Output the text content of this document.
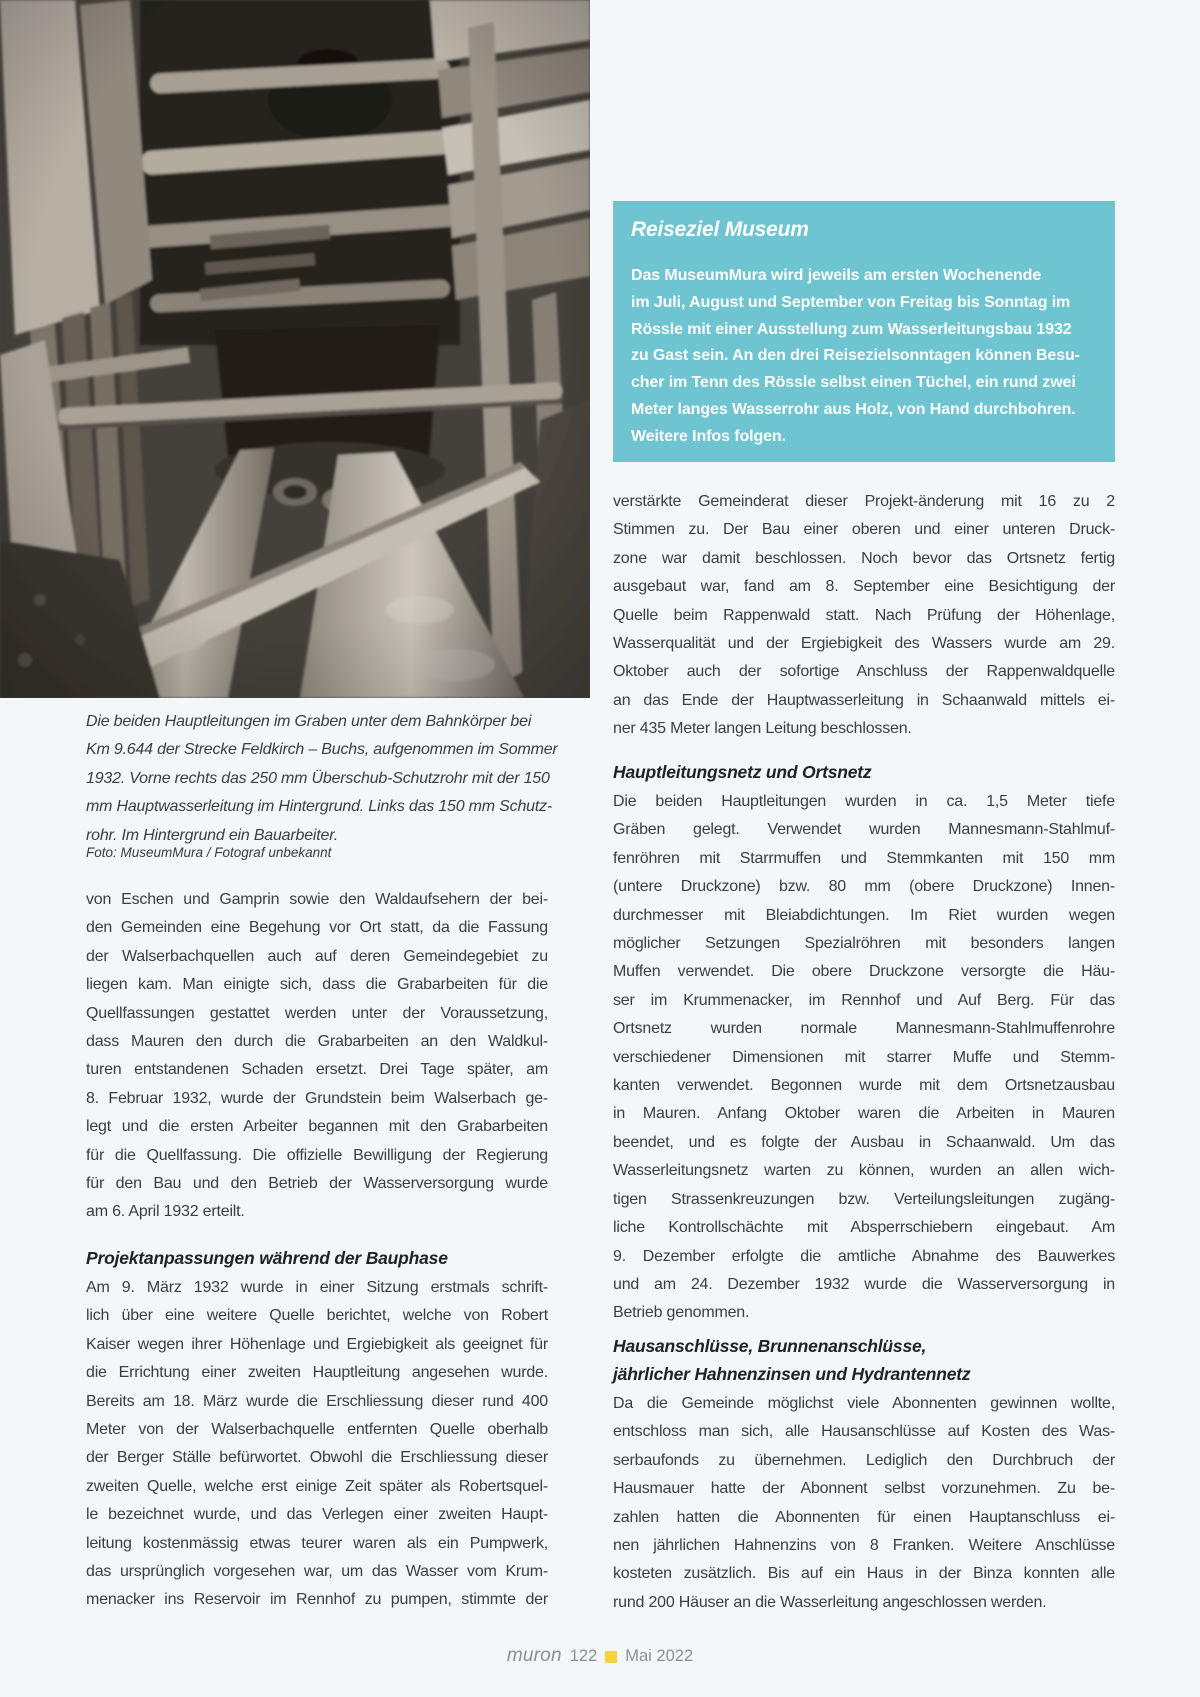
Die beiden Hauptleitungen im Graben unter dem Bahnkörper bei
Km 9.644 der Strecke Feldkirch – Buchs, aufgenommen im Sommer
1932. Vorne rechts das 250 mm Überschub-Schutzrohr mit der 150
mm Hauptwasserleitung im Hintergrund. Links das 150 mm Schutz-
rohr. Im Hintergrund ein Bauarbeiter.
Foto: MuseumMura / Fotograf unbekannt
Reiseziel Museum
Das MuseumMura wird jeweils am ersten Wochenende
im Juli, August und September von Freitag bis Sonntag im
Rössle mit einer Ausstellung zum Wasserleitungsbau 1932
zu Gast sein. An den drei Reisezielsonntagen können Besu-
cher im Tenn des Rössle selbst einen Tüchel, ein rund zwei
Meter langes Wasserrohr aus Holz, von Hand durchbohren.
Weitere Infos folgen.
von Eschen und Gamprin sowie den Waldaufsehern der bei-
den Gemeinden eine Begehung vor Ort statt, da die Fassung
der Walserbachquellen auch auf deren Gemeindegebiet zu
liegen kam. Man einigte sich, dass die Grabarbeiten für die
Quellfassungen gestattet werden unter der Voraussetzung,
dass Mauren den durch die Grabarbeiten an den Waldkul-
turen entstandenen Schaden ersetzt. Drei Tage später, am
8. Februar 1932, wurde der Grundstein beim Walserbach ge-
legt und die ersten Arbeiter begannen mit den Grabarbeiten
für die Quellfassung. Die offizielle Bewilligung der Regierung
für den Bau und den Betrieb der Wasserversorgung wurde
am 6. April 1932 erteilt.
Projektanpassungen während der Bauphase
Am 9. März 1932 wurde in einer Sitzung erstmals schrift-
lich über eine weitere Quelle berichtet, welche von Robert
Kaiser wegen ihrer Höhenlage und Ergiebigkeit als geeignet für
die Errichtung einer zweiten Hauptleitung angesehen wurde.
Bereits am 18. März wurde die Erschliessung dieser rund 400
Meter von der Walserbachquelle entfernten Quelle oberhalb
der Berger Ställe befürwortet. Obwohl die Erschliessung dieser
zweiten Quelle, welche erst einige Zeit später als Robertsquel-
le bezeichnet wurde, und das Verlegen einer zweiten Haupt-
leitung kostenmässig etwas teurer waren als ein Pumpwerk,
das ursprünglich vorgesehen war, um das Wasser vom Krum-
menacker ins Reservoir im Rennhof zu pumpen, stimmte der
verstärkte Gemeinderat dieser Projekt-änderung mit 16 zu 2
Stimmen zu. Der Bau einer oberen und einer unteren Druck-
zone war damit beschlossen. Noch bevor das Ortsnetz fertig
ausgebaut war, fand am 8. September eine Besichtigung der
Quelle beim Rappenwald statt. Nach Prüfung der Höhenlage,
Wasserqualität und der Ergiebigkeit des Wassers wurde am 29.
Oktober auch der sofortige Anschluss der Rappenwaldquelle
an das Ende der Hauptwasserleitung in Schaanwald mittels ei-
ner 435 Meter langen Leitung beschlossen.
Hauptleitungsnetz und Ortsnetz
Die beiden Hauptleitungen wurden in ca. 1,5 Meter tiefe
Gräben gelegt. Verwendet wurden Mannesmann-Stahlmuf-
fenröhren mit Starrmuffen und Stemmkanten mit 150 mm
(untere Druckzone) bzw. 80 mm (obere Druckzone) Innen-
durchmesser mit Bleiabdichtungen. Im Riet wurden wegen
möglicher Setzungen Spezialröhren mit besonders langen
Muffen verwendet. Die obere Druckzone versorgte die Häu-
ser im Krummenacker, im Rennhof und Auf Berg. Für das
Ortsnetz wurden normale Mannesmann-Stahlmuffenrohre
verschiedener Dimensionen mit starrer Muffe und Stemm-
kanten verwendet. Begonnen wurde mit dem Ortsnetzausbau
in Mauren. Anfang Oktober waren die Arbeiten in Mauren
beendet, und es folgte der Ausbau in Schaanwald. Um das
Wasserleitungsnetz warten zu können, wurden an allen wich-
tigen Strassenkreuzungen bzw. Verteilungsleitungen zugäng-
liche Kontrollschächte mit Absperrschiebern eingebaut. Am
9. Dezember erfolgte die amtliche Abnahme des Bauwerkes
und am 24. Dezember 1932 wurde die Wasserversorgung in
Betrieb genommen.
Hausanschlüsse, Brunnenanschlüsse,
jährlicher Hahnenzinsen und Hydrantennetz
Da die Gemeinde möglichst viele Abonnenten gewinnen wollte,
entschloss man sich, alle Hausanschlüsse auf Kosten des Was-
serbaufonds zu übernehmen. Lediglich den Durchbruch der
Hausmauer hatte der Abonnent selbst vorzunehmen. Zu be-
zahlen hatten die Abonnenten für einen Hauptanschluss ei-
nen jährlichen Hahnenzins von 8 Franken. Weitere Anschlüsse
kosteten zusätzlich. Bis auf ein Haus in der Binza konnten alle
rund 200 Häuser an die Wasserleitung angeschlossen werden.
muron 122 Mai 2022
